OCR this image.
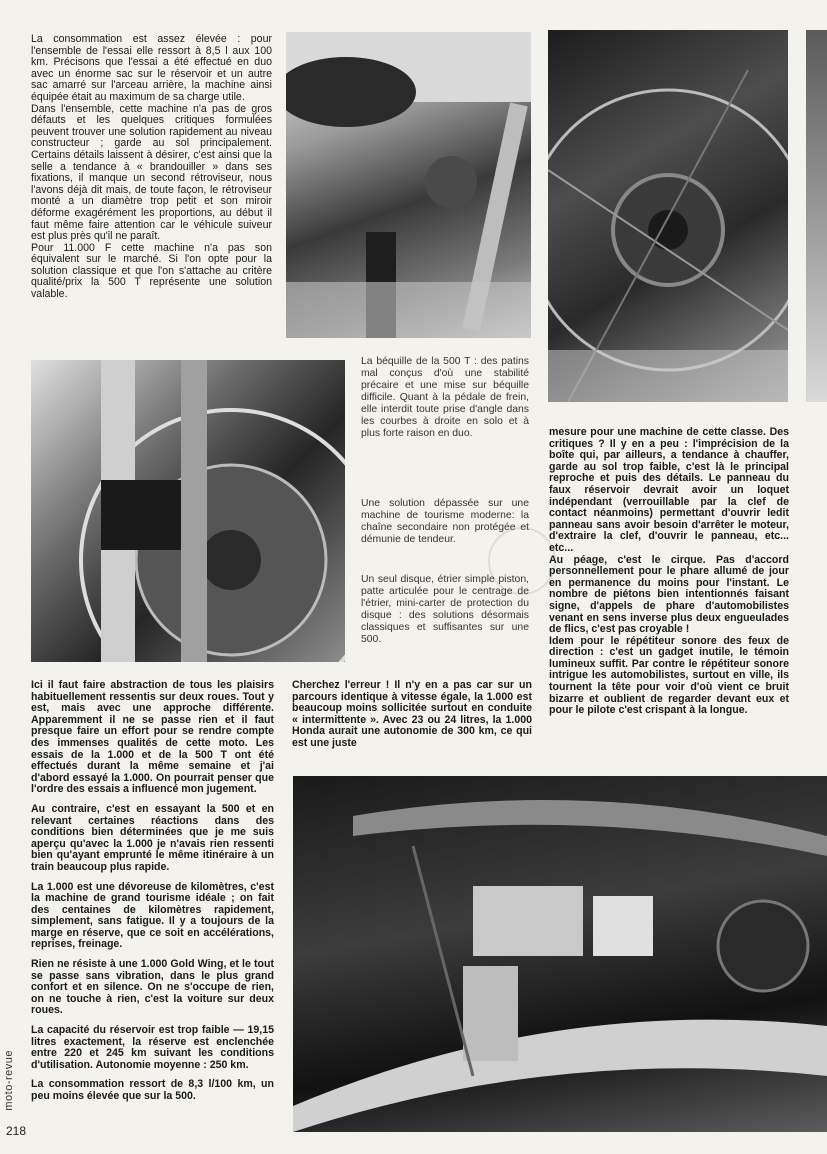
La consommation est assez élevée : pour l'ensemble de l'essai elle ressort à 8,5 l aux 100 km. Précisons que l'essai a été effectué en duo avec un énorme sac sur le réservoir et un autre sac amarré sur l'arceau arrière, la machine ainsi équipée était au maximum de sa charge utile.

Dans l'ensemble, cette machine n'a pas de gros défauts et les quelques critiques formulées peuvent trouver une solution rapidement au niveau constructeur ; garde au sol principalement. Certains détails laissent à désirer, c'est ainsi que la selle a tendance à « brandouiller » dans ses fixations, il manque un second rétroviseur, nous l'avons déjà dit mais, de toute façon, le rétroviseur monté a un diamètre trop petit et son miroir déforme exagérément les proportions, au début il faut même faire attention car le véhicule suiveur est plus près qu'il ne paraît.

Pour 11.000 F cette machine n'a pas son équivalent sur le marché. Si l'on opte pour la solution classique et que l'on s'attache au critère qualité/prix la 500 T représente une solution valable.

La béquille de la 500 T : des patins mal conçus d'où une stabilité précaire et une mise sur béquille difficile. Quant à la pédale de frein, elle interdit toute prise d'angle dans les courbes à droite en solo et à plus forte raison en duo.
Une solution dépassée sur une machine de tourisme moderne: la chaîne secondaire non protégée et démunie de tendeur.
Un seul disque, étrier simple piston, patte articulée pour le centrage de l'étrier, mini-carter de protection du disque : des solutions désormais classiques et suffisantes sur une 500.

mesure pour une machine de cette classe. Des critiques ? Il y en a peu : l'imprécision de la boîte qui, par ailleurs, a tendance à chauffer, garde au sol trop faible, c'est là le principal reproche et puis des détails. Le panneau du faux réservoir devrait avoir un loquet indépendant (verrouillable par la clef de contact néanmoins) permettant d'ouvrir ledit panneau sans avoir besoin d'arrêter le moteur, d'extraire la clef, d'ouvrir le panneau, etc... etc...

Au péage, c'est le cirque. Pas d'accord personnellement pour le phare allumé de jour en permanence du moins pour l'instant. Le nombre de piétons bien intentionnés faisant signe, d'appels de phare d'automobilistes venant en sens inverse plus deux engueulades de flics, c'est pas croyable !

Idem pour le répétiteur sonore des feux de direction : c'est un gadget inutile, le témoin lumineux suffit. Par contre le répétiteur sonore intrigue les automobilistes, surtout en ville, ils tournent la tête pour voir d'où vient ce bruit bizarre et oublient de regarder devant eux et pour le pilote c'est crispant à la longue.

Cherchez l'erreur ! Il n'y en a pas car sur un parcours identique à vitesse égale, la 1.000 est beaucoup moins sollicitée surtout en conduite « intermittente ». Avec 23 ou 24 litres, la 1.000 Honda aurait une autonomie de 300 km, ce qui est une juste

Ici il faut faire abstraction de tous les plaisirs habituellement ressentis sur deux roues. Tout y est, mais avec une approche différente. Apparemment il ne se passe rien et il faut presque faire un effort pour se rendre compte des immenses qualités de cette moto. Les essais de la 1.000 et de la 500 T ont été effectués durant la même semaine et j'ai d'abord essayé la 1.000. On pourrait penser que l'ordre des essais a influencé mon jugement.

Au contraire, c'est en essayant la 500 et en relevant certaines réactions dans des conditions bien déterminées que je me suis aperçu qu'avec la 1.000 je n'avais rien ressenti bien qu'ayant emprunté le même itinéraire à un train beaucoup plus rapide.

La 1.000 est une dévoreuse de kilomètres, c'est la machine de grand tourisme idéale ; on fait des centaines de kilomètres rapidement, simplement, sans fatigue. Il y a toujours de la marge en réserve, que ce soit en accélérations, reprises, freinage.

Rien ne résiste à une 1.000 Gold Wing, et le tout se passe sans vibration, dans le plus grand confort et en silence. On ne s'occupe de rien, on ne touche à rien, c'est la voiture sur deux roues.

La capacité du réservoir est trop faible — 19,15 litres exactement, la réserve est enclenchée entre 220 et 245 km suivant les conditions d'utilisation. Autonomie moyenne : 250 km.

La consommation ressort de 8,3 l/100 km, un peu moins élevée que sur la 500.

moto-revue
218
